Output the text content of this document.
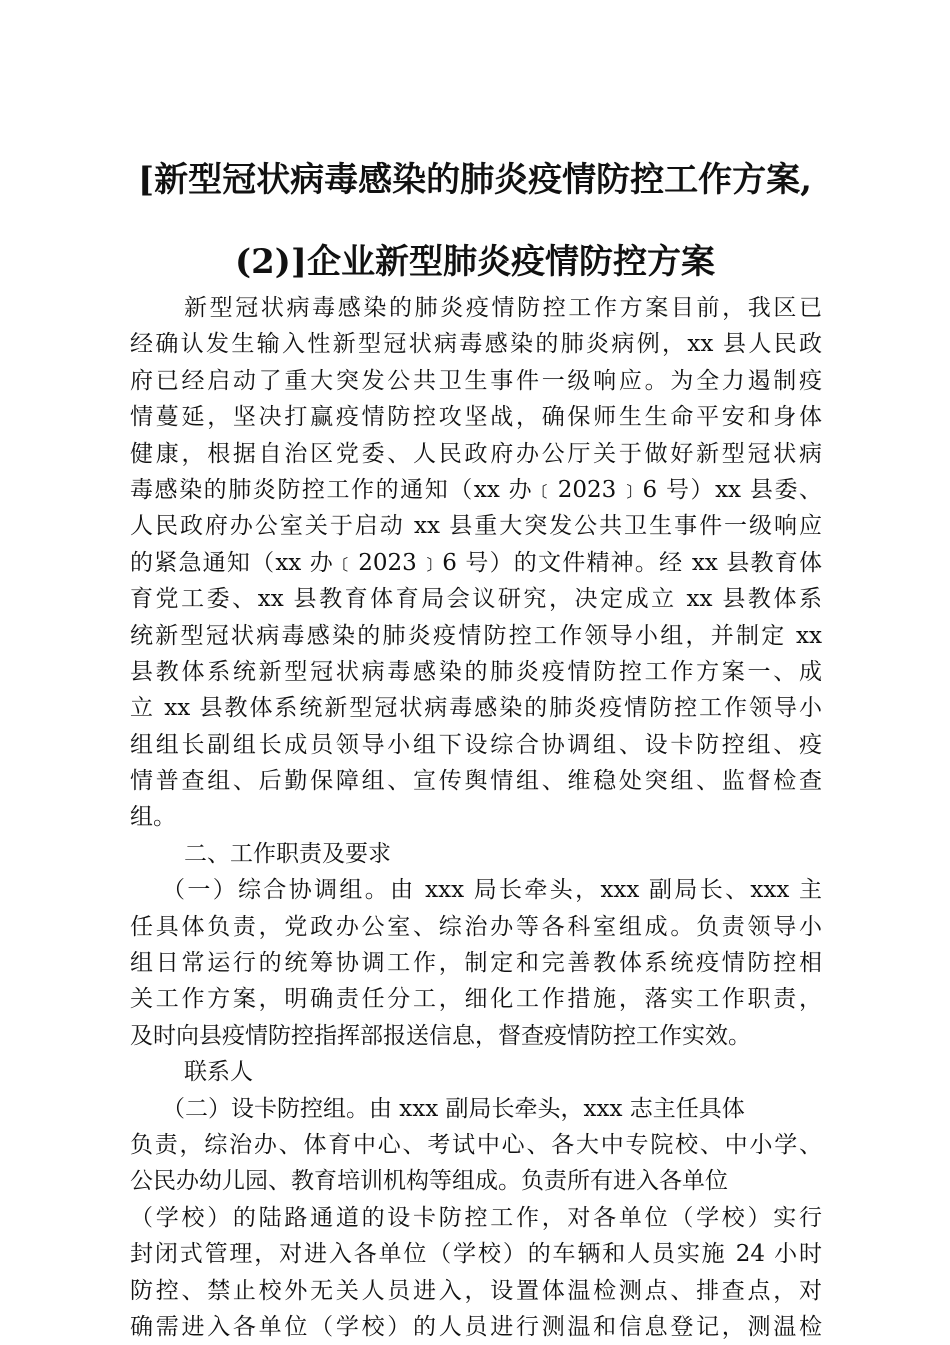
[新型冠状病毒感染的肺炎疫情防控工作方案,
(2)]企业新型肺炎疫情防控方案
新型冠状病毒感染的肺炎疫情防控工作方案目前，我区已
经确认发生输入性新型冠状病毒感染的肺炎病例，xx 县人民政
府已经启动了重大突发公共卫生事件一级响应。为全力遏制疫
情蔓延，坚决打赢疫情防控攻坚战，确保师生生命平安和身体
健康，根据自治区党委、人民政府办公厅关于做好新型冠状病
毒感染的肺炎防控工作的通知（xx 办﹝2023﹞6 号）xx 县委、
人民政府办公室关于启动 xx 县重大突发公共卫生事件一级响应
的紧急通知（xx 办﹝2023﹞6 号）的文件精神。经 xx 县教育体
育党工委、xx 县教育体育局会议研究，决定成立 xx 县教体系
统新型冠状病毒感染的肺炎疫情防控工作领导小组，并制定 xx
县教体系统新型冠状病毒感染的肺炎疫情防控工作方案一、成
立 xx 县教体系统新型冠状病毒感染的肺炎疫情防控工作领导小
组组长副组长成员领导小组下设综合协调组、设卡防控组、疫
情普查组、后勤保障组、宣传舆情组、维稳处突组、监督检查
组。
二、工作职责及要求
（一）综合协调组。由 xxx 局长牵头，xxx 副局长、xxx 主
任具体负责，党政办公室、综治办等各科室组成。负责领导小
组日常运行的统筹协调工作，制定和完善教体系统疫情防控相
关工作方案，明确责任分工，细化工作措施，落实工作职责，
及时向县疫情防控指挥部报送信息，督查疫情防控工作实效。
联系人
（二）设卡防控组。由 xxx 副局长牵头，xxx 志主任具体
负责，综治办、体育中心、考试中心、各大中专院校、中小学、
公民办幼儿园、教育培训机构等组成。负责所有进入各单位
（学校）的陆路通道的设卡防控工作，对各单位（学校）实行
封闭式管理，对进入各单位（学校）的车辆和人员实施 24 小时
防控、禁止校外无关人员进入，设置体温检测点、排查点，对
确需进入各单位（学校）的人员进行测温和信息登记，测温检
